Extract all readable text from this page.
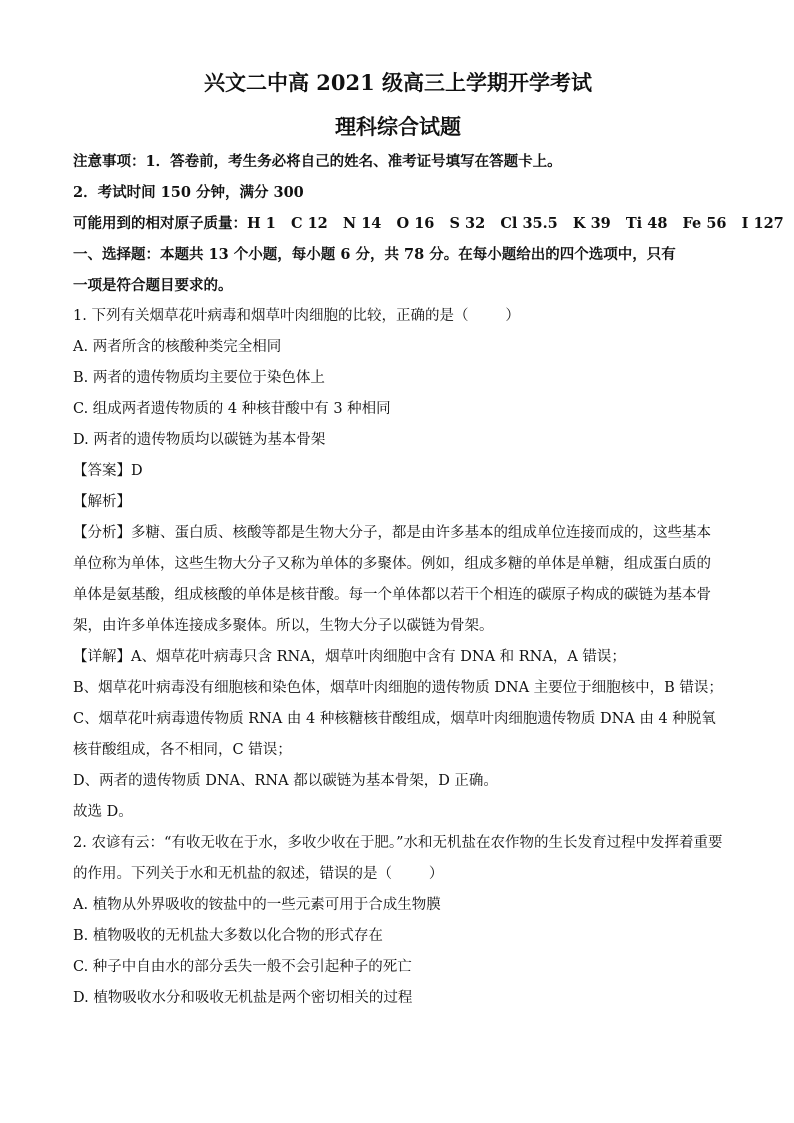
兴文二中高 2021 级高三上学期开学考试
理科综合试题
注意事项：1．答卷前，考生务必将自己的姓名、准考证号填写在答题卡上。
2．考试时间 150 分钟，满分 300
可能用到的相对原子质量：H 1   C 12   N 14   O 16   S 32   Cl 35.5   K 39   Ti 48   Fe 56   I 127
一、选择题：本题共 13 个小题，每小题 6 分，共 78 分。在每小题给出的四个选项中，只有
一项是符合题目要求的。
1. 下列有关烟草花叶病毒和烟草叶肉细胞的比较，正确的是（        ）
A. 两者所含的核酸种类完全相同
B. 两者的遗传物质均主要位于染色体上
C. 组成两者遗传物质的 4 种核苷酸中有 3 种相同
D. 两者的遗传物质均以碳链为基本骨架
【答案】D
【解析】
【分析】多糖、蛋白质、核酸等都是生物大分子，都是由许多基本的组成单位连接而成的，这些基本单位称为单体，这些生物大分子又称为单体的多聚体。例如，组成多糖的单体是单糖，组成蛋白质的单体是氨基酸，组成核酸的单体是核苷酸。每一个单体都以若干个相连的碳原子构成的碳链为基本骨架，由许多单体连接成多聚体。所以，生物大分子以碳链为骨架。
【详解】A、烟草花叶病毒只含 RNA，烟草叶肉细胞中含有 DNA 和 RNA，A 错误；
B、烟草花叶病毒没有细胞核和染色体，烟草叶肉细胞的遗传物质 DNA 主要位于细胞核中，B 错误；
C、烟草花叶病毒遗传物质 RNA 由 4 种核糖核苷酸组成，烟草叶肉细胞遗传物质 DNA 由 4 种脱氧核苷酸组成，各不相同，C 错误；
D、两者的遗传物质 DNA、RNA 都以碳链为基本骨架，D 正确。
故选 D。
2. 农谚有云：“有收无收在于水，多收少收在于肥。”水和无机盐在农作物的生长发育过程中发挥着重要的作用。下列关于水和无机盐的叙述，错误的是（        ）
A. 植物从外界吸收的铵盐中的一些元素可用于合成生物膜
B. 植物吸收的无机盐大多数以化合物的形式存在
C. 种子中自由水的部分丢失一般不会引起种子的死亡
D. 植物吸收水分和吸收无机盐是两个密切相关的过程
